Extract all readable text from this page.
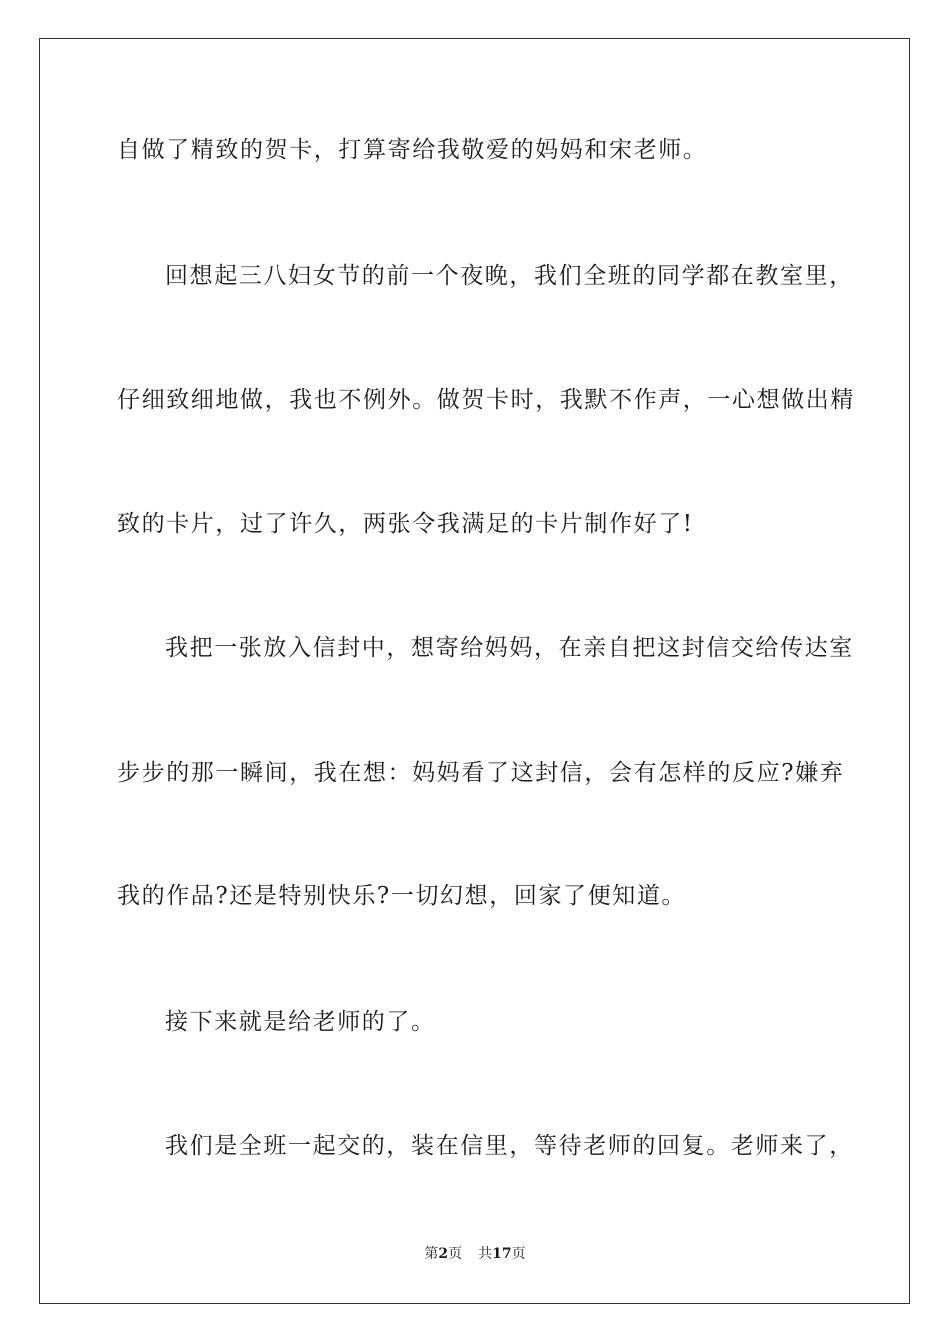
自做了精致的贺卡，打算寄给我敬爱的妈妈和宋老师。
回想起三八妇女节的前一个夜晚，我们全班的同学都在教室里，
仔细致细地做，我也不例外。做贺卡时，我默不作声，一心想做出精
致的卡片，过了许久，两张令我满足的卡片制作好了!
我把一张放入信封中，想寄给妈妈，在亲自把这封信交给传达室
步步的那一瞬间，我在想：妈妈看了这封信，会有怎样的反应?嫌弃
我的作品?还是特别快乐?一切幻想，回家了便知道。
接下来就是给老师的了。
我们是全班一起交的，装在信里，等待老师的回复。老师来了，
第2页 共17页
